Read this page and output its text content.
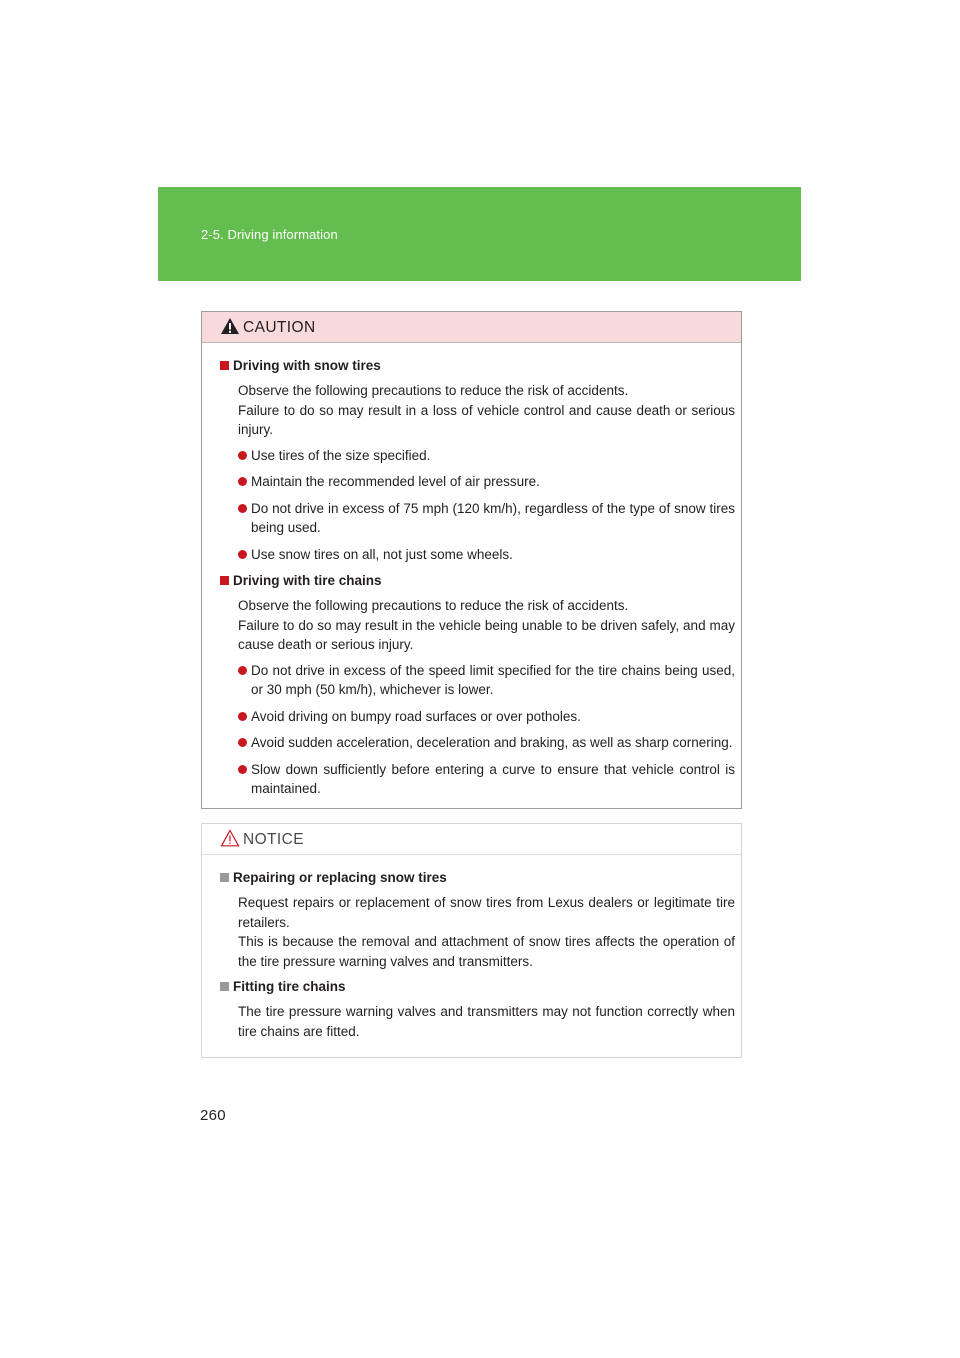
2-5. Driving information
CAUTION
Driving with snow tires

Observe the following precautions to reduce the risk of accidents.

Failure to do so may result in a loss of vehicle control and cause death or serious injury.

Use tires of the size specified.
Maintain the recommended level of air pressure.
Do not drive in excess of 75 mph (120 km/h), regardless of the type of snow tires being used.
Use snow tires on all, not just some wheels.
Driving with tire chains

Observe the following precautions to reduce the risk of accidents.

Failure to do so may result in the vehicle being unable to be driven safely, and may cause death or serious injury.

Do not drive in excess of the speed limit specified for the tire chains being used, or 30 mph (50 km/h), whichever is lower.
Avoid driving on bumpy road surfaces or over potholes.
Avoid sudden acceleration, deceleration and braking, as well as sharp cornering.
Slow down sufficiently before entering a curve to ensure that vehicle control is maintained.
NOTICE
Repairing or replacing snow tires

Request repairs or replacement of snow tires from Lexus dealers or legitimate tire retailers.

This is because the removal and attachment of snow tires affects the operation of the tire pressure warning valves and transmitters.

Fitting tire chains

The tire pressure warning valves and transmitters may not function correctly when tire chains are fitted.

260
